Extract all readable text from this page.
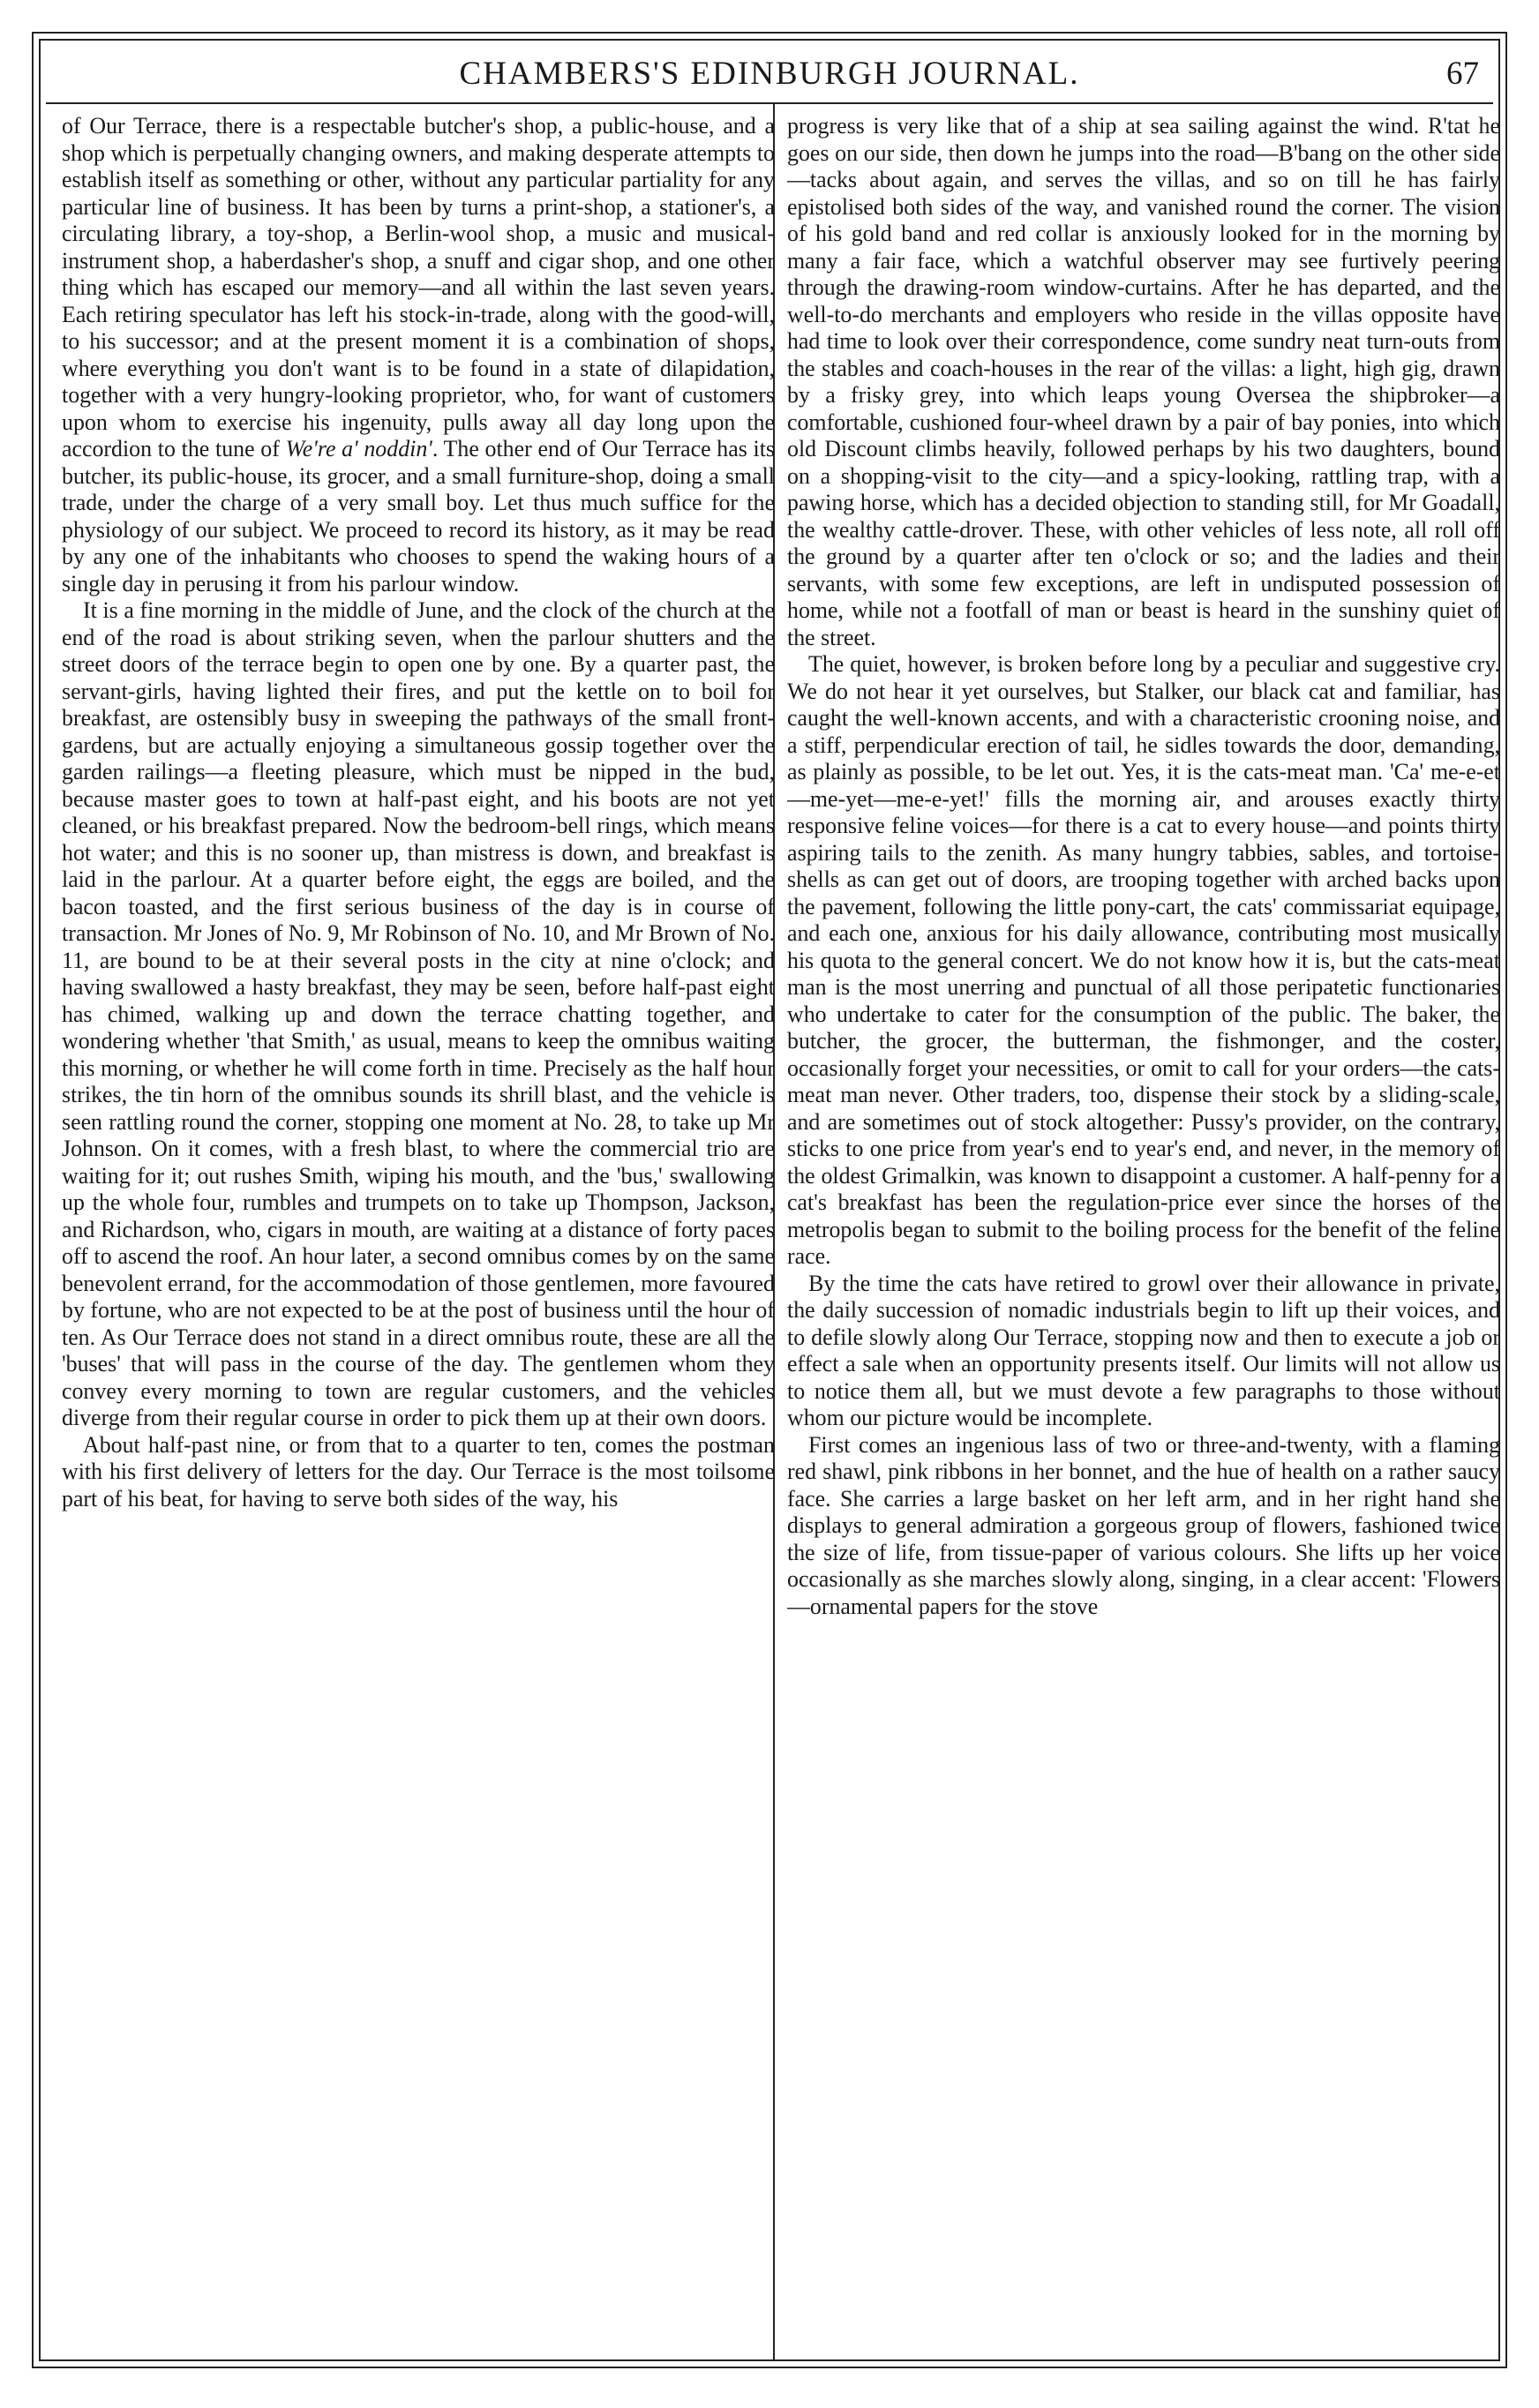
CHAMBERS'S EDINBURGH JOURNAL.	67

of Our Terrace, there is a respectable butcher's shop, a public-house, and a shop which is perpetually changing owners, and making desperate attempts to establish itself as something or other, without any particular partiality for any particular line of business. It has been by turns a print-shop, a stationer's, a circulating library, a toy-shop, a Berlin-wool shop, a music and musical-instrument shop, a haberdasher's shop, a snuff and cigar shop, and one other thing which has escaped our memory—and all within the last seven years. Each retiring speculator has left his stock-in-trade, along with the good-will, to his successor; and at the present moment it is a combination of shops, where everything you don't want is to be found in a state of dilapidation, together with a very hungry-looking proprietor, who, for want of customers upon whom to exercise his ingenuity, pulls away all day long upon the accordion to the tune of We're a' noddin'. The other end of Our Terrace has its butcher, its public-house, its grocer, and a small furniture-shop, doing a small trade, under the charge of a very small boy. Let thus much suffice for the physiology of our subject. We proceed to record its history, as it may be read by any one of the inhabitants who chooses to spend the waking hours of a single day in perusing it from his parlour window.

It is a fine morning in the middle of June, and the clock of the church at the end of the road is about striking seven, when the parlour shutters and the street doors of the terrace begin to open one by one. By a quarter past, the servant-girls, having lighted their fires, and put the kettle on to boil for breakfast, are ostensibly busy in sweeping the pathways of the small front-gardens, but are actually enjoying a simultaneous gossip together over the garden railings—a fleeting pleasure, which must be nipped in the bud, because master goes to town at half-past eight, and his boots are not yet cleaned, or his breakfast prepared. Now the bedroom-bell rings, which means hot water; and this is no sooner up, than mistress is down, and breakfast is laid in the parlour. At a quarter before eight, the eggs are boiled, and the bacon toasted, and the first serious business of the day is in course of transaction. Mr Jones of No. 9, Mr Robinson of No. 10, and Mr Brown of No. 11, are bound to be at their several posts in the city at nine o'clock; and having swallowed a hasty breakfast, they may be seen, before half-past eight has chimed, walking up and down the terrace chatting together, and wondering whether 'that Smith,' as usual, means to keep the omnibus waiting this morning, or whether he will come forth in time. Precisely as the half hour strikes, the tin horn of the omnibus sounds its shrill blast, and the vehicle is seen rattling round the corner, stopping one moment at No. 28, to take up Mr Johnson. On it comes, with a fresh blast, to where the commercial trio are waiting for it; out rushes Smith, wiping his mouth, and the 'bus,' swallowing up the whole four, rumbles and trumpets on to take up Thompson, Jackson, and Richardson, who, cigars in mouth, are waiting at a distance of forty paces off to ascend the roof. An hour later, a second omnibus comes by on the same benevolent errand, for the accommodation of those gentlemen, more favoured by fortune, who are not expected to be at the post of business until the hour of ten. As Our Terrace does not stand in a direct omnibus route, these are all the 'buses' that will pass in the course of the day. The gentlemen whom they convey every morning to town are regular customers, and the vehicles diverge from their regular course in order to pick them up at their own doors.

About half-past nine, or from that to a quarter to ten, comes the postman with his first delivery of letters for the day. Our Terrace is the most toilsome part of his beat, for having to serve both sides of the way, his

progress is very like that of a ship at sea sailing against the wind. R'tat he goes on our side, then down he jumps into the road—B'bang on the other side—tacks about again, and serves the villas, and so on till he has fairly epistolised both sides of the way, and vanished round the corner. The vision of his gold band and red collar is anxiously looked for in the morning by many a fair face, which a watchful observer may see furtively peering through the drawing-room window-curtains. After he has departed, and the well-to-do merchants and employers who reside in the villas opposite have had time to look over their correspondence, come sundry neat turn-outs from the stables and coach-houses in the rear of the villas: a light, high gig, drawn by a frisky grey, into which leaps young Oversea the shipbroker—a comfortable, cushioned four-wheel drawn by a pair of bay ponies, into which old Discount climbs heavily, followed perhaps by his two daughters, bound on a shopping-visit to the city—and a spicy-looking, rattling trap, with a pawing horse, which has a decided objection to standing still, for Mr Goadall, the wealthy cattle-drover. These, with other vehicles of less note, all roll off the ground by a quarter after ten o'clock or so; and the ladies and their servants, with some few exceptions, are left in undisputed possession of home, while not a footfall of man or beast is heard in the sunshiny quiet of the street.

The quiet, however, is broken before long by a peculiar and suggestive cry. We do not hear it yet ourselves, but Stalker, our black cat and familiar, has caught the well-known accents, and with a characteristic crooning noise, and a stiff, perpendicular erection of tail, he sidles towards the door, demanding, as plainly as possible, to be let out. Yes, it is the cats-meat man. 'Ca' me-e-et—me-yet—me-e-yet!' fills the morning air, and arouses exactly thirty responsive feline voices—for there is a cat to every house—and points thirty aspiring tails to the zenith. As many hungry tabbies, sables, and tortoise-shells as can get out of doors, are trooping together with arched backs upon the pavement, following the little pony-cart, the cats' commissariat equipage, and each one, anxious for his daily allowance, contributing most musically his quota to the general concert. We do not know how it is, but the cats-meat man is the most unerring and punctual of all those peripatetic functionaries who undertake to cater for the consumption of the public. The baker, the butcher, the grocer, the butterman, the fishmonger, and the coster, occasionally forget your necessities, or omit to call for your orders—the cats-meat man never. Other traders, too, dispense their stock by a sliding-scale, and are sometimes out of stock altogether: Pussy's provider, on the contrary, sticks to one price from year's end to year's end, and never, in the memory of the oldest Grimalkin, was known to disappoint a customer. A half-penny for a cat's breakfast has been the regulation-price ever since the horses of the metropolis began to submit to the boiling process for the benefit of the feline race.

By the time the cats have retired to growl over their allowance in private, the daily succession of nomadic industrials begin to lift up their voices, and to defile slowly along Our Terrace, stopping now and then to execute a job or effect a sale when an opportunity presents itself. Our limits will not allow us to notice them all, but we must devote a few paragraphs to those without whom our picture would be incomplete.

First comes an ingenious lass of two or three-and-twenty, with a flaming red shawl, pink ribbons in her bonnet, and the hue of health on a rather saucy face. She carries a large basket on her left arm, and in her right hand she displays to general admiration a gorgeous group of flowers, fashioned twice the size of life, from tissue-paper of various colours. She lifts up her voice occasionally as she marches slowly along, singing, in a clear accent: 'Flowers—ornamental papers for the stove
